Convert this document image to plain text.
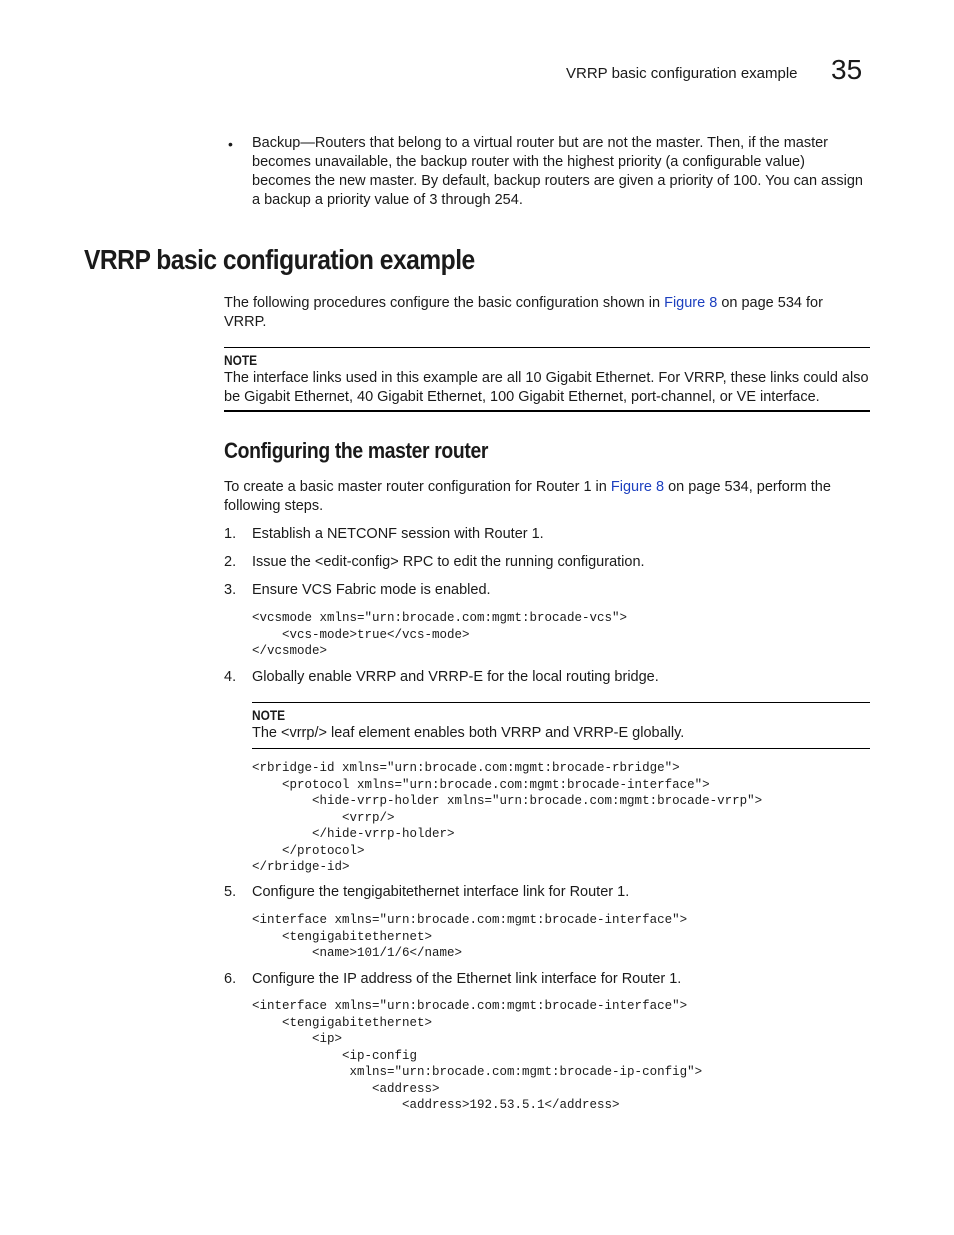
VRRP basic configuration example 35
• Backup—Routers that belong to a virtual router but are not the master. Then, if the master
becomes unavailable, the backup router with the highest priority (a configurable value)
becomes the new master. By default, backup routers are given a priority of 100. You can assign
a backup a priority value of 3 through 254.
VRRP basic configuration example
The following procedures configure the basic configuration shown in Figure 8 on page 534 for
VRRP.
NOTE
The interface links used in this example are all 10 Gigabit Ethernet. For VRRP, these links could also
be Gigabit Ethernet, 40 Gigabit Ethernet, 100 Gigabit Ethernet, port-channel, or VE interface.
Configuring the master router
To create a basic master router configuration for Router 1 in Figure 8 on page 534, perform the
following steps.
1. Establish a NETCONF session with Router 1.
2. Issue the <edit-config> RPC to edit the running configuration.
3. Ensure VCS Fabric mode is enabled.
<vcsmode xmlns="urn:brocade.com:mgmt:brocade-vcs">
<vcs-mode>true</vcs-mode>
</vcsmode>
4. Globally enable VRRP and VRRP-E for the local routing bridge.
NOTE
The <vrrp/> leaf element enables both VRRP and VRRP-E globally.
<rbridge-id xmlns="urn:brocade.com:mgmt:brocade-rbridge">
<protocol xmlns="urn:brocade.com:mgmt:brocade-interface">
<hide-vrrp-holder xmlns="urn:brocade.com:mgmt:brocade-vrrp">
<vrrp/>
</hide-vrrp-holder>
</protocol>
</rbridge-id>
5. Configure the tengigabitethernet interface link for Router 1.
<interface xmlns="urn:brocade.com:mgmt:brocade-interface">
<tengigabitethernet>
<name>101/1/6</name>
6. Configure the IP address of the Ethernet link interface for Router 1.
<interface xmlns="urn:brocade.com:mgmt:brocade-interface">
<tengigabitethernet>
<ip>
<ip-config
xmlns="urn:brocade.com:mgmt:brocade-ip-config">
<address>
<address>192.53.5.1</address>
